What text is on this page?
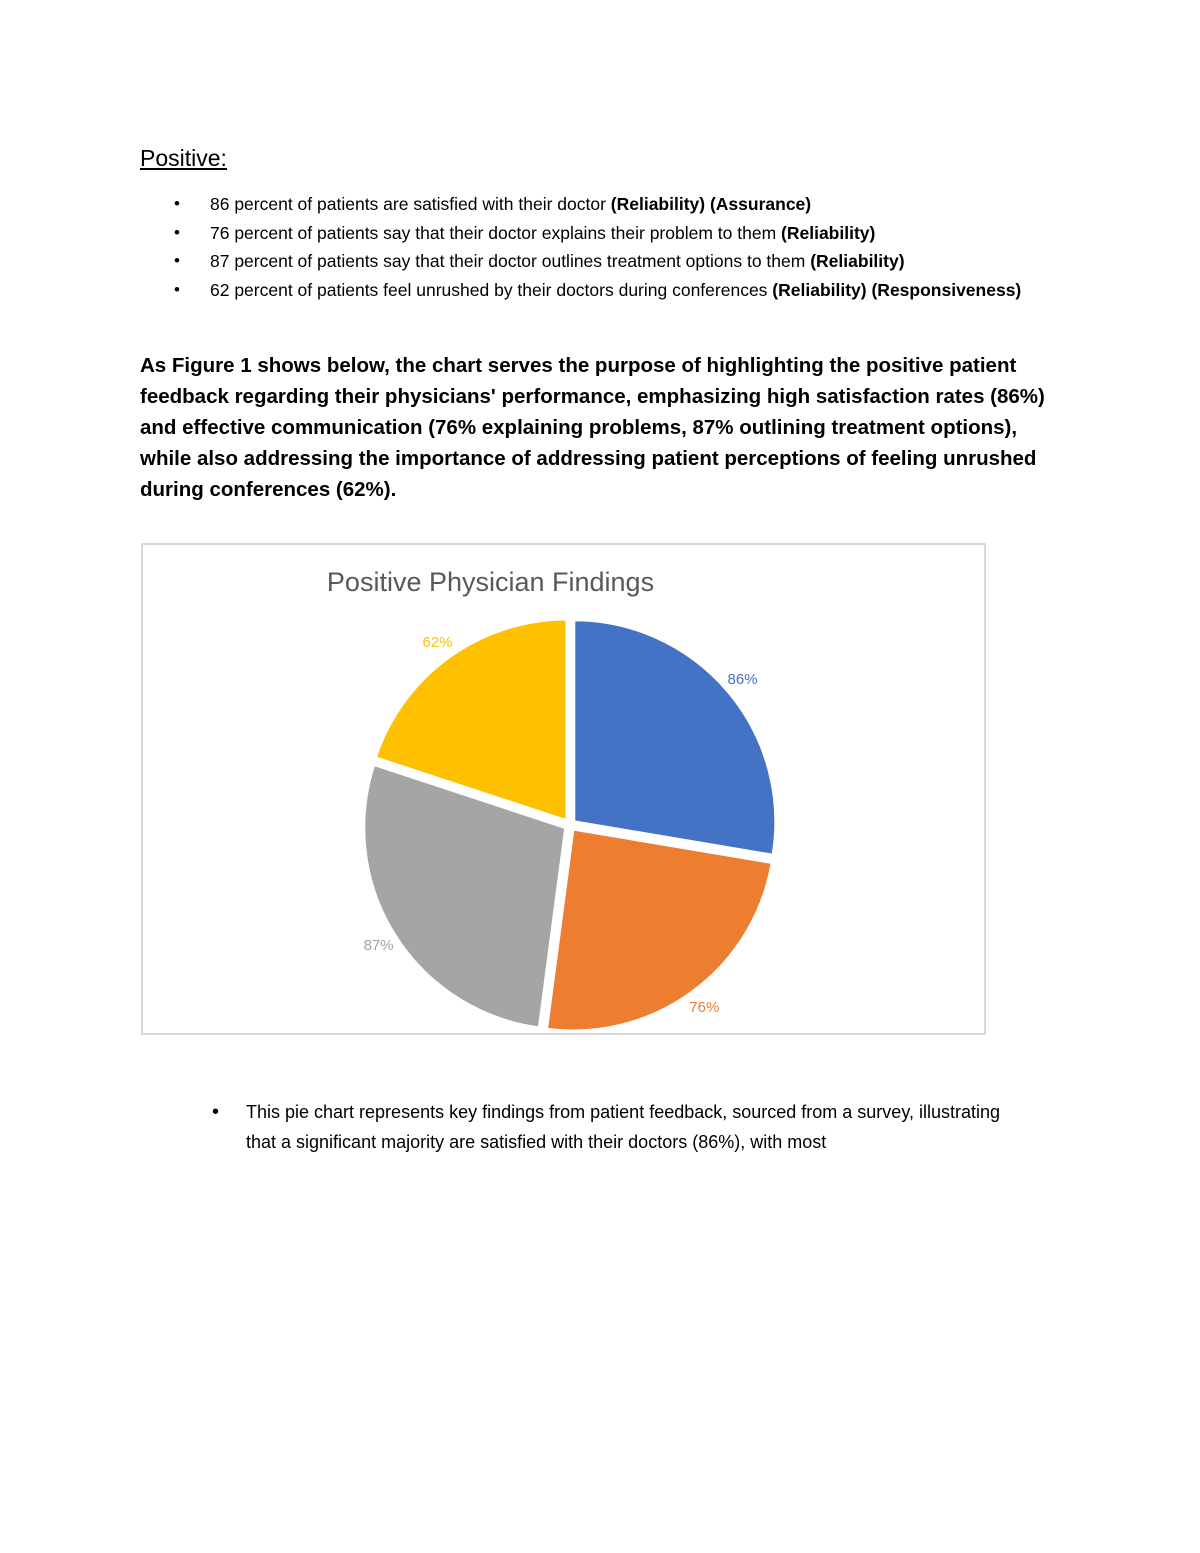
Positive:
• 86 percent of patients are satisfied with their doctor (Reliability) (Assurance)
• 76 percent of patients say that their doctor explains their problem to them (Reliability)
• 87 percent of patients say that their doctor outlines treatment options to them (Reliability)
• 62 percent of patients feel unrushed by their doctors during conferences (Reliability) (Responsiveness)

As Figure 1 shows below, the chart serves the purpose of highlighting the positive patient feedback regarding their physicians' performance, emphasizing high satisfaction rates (86%) and effective communication (76% explaining problems, 87% outlining treatment options), while also addressing the importance of addressing patient perceptions of feeling unrushed during conferences (62%).

Positive Physician Findings
86%
76%
87%
62%
• This pie chart represents key findings from patient feedback, sourced from a survey, illustrating that a significant majority are satisfied with their doctors (86%), with most
